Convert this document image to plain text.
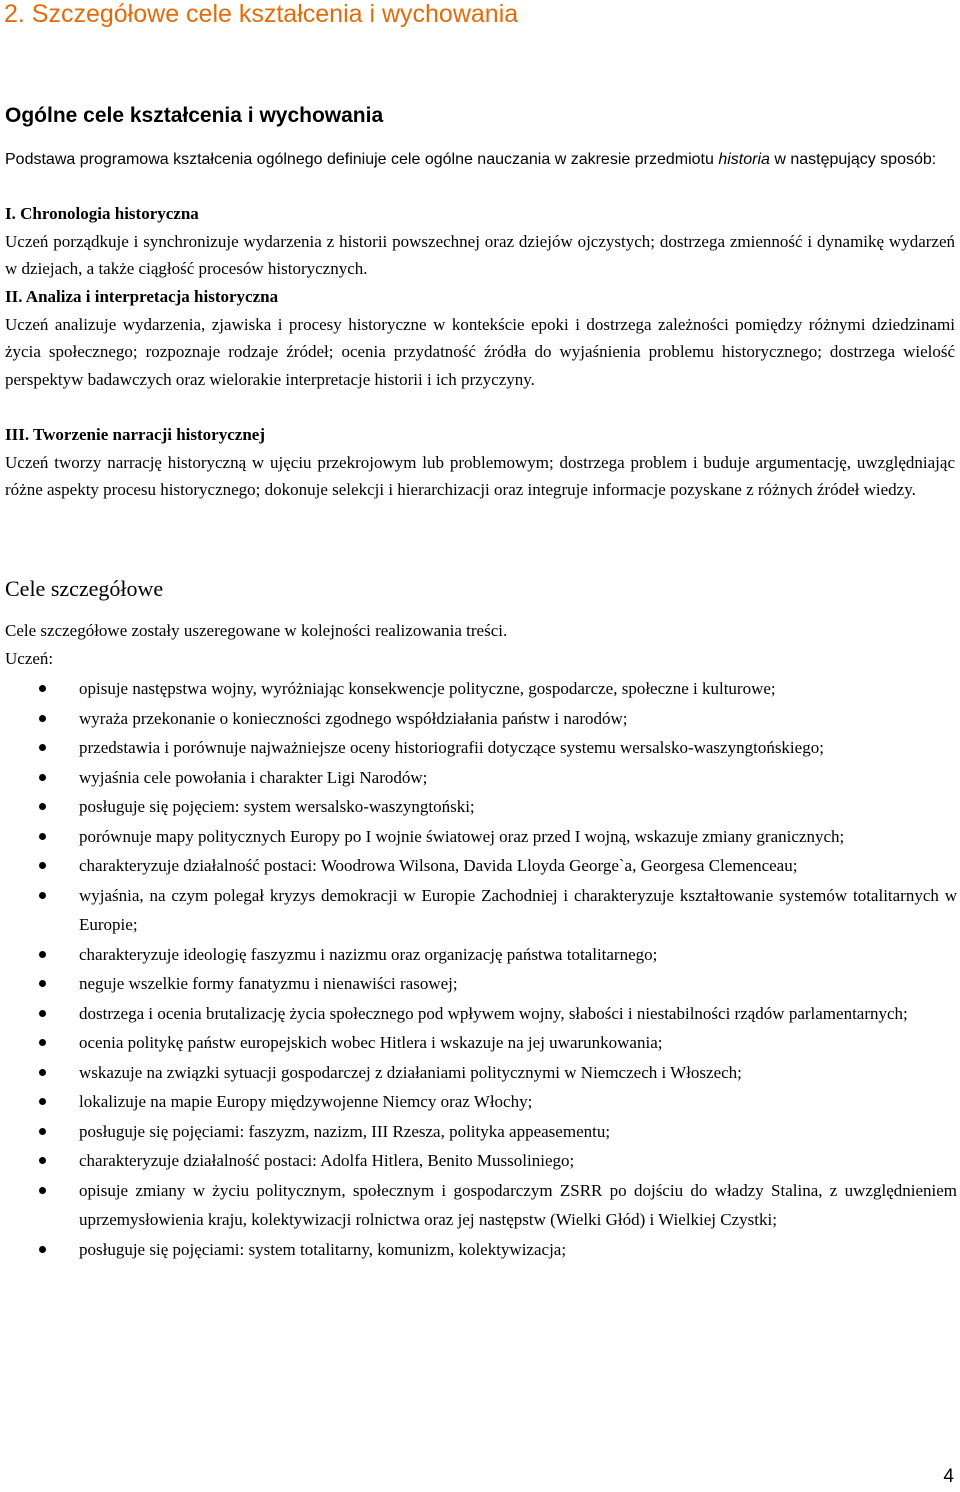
2. Szczegółowe cele kształcenia i wychowania
Ogólne cele kształcenia i wychowania
Podstawa programowa kształcenia ogólnego definiuje cele ogólne nauczania w zakresie przedmiotu historia w następujący sposób:
I. Chronologia historyczna
Uczeń porządkuje i synchronizuje wydarzenia z historii powszechnej oraz dziejów ojczystych; dostrzega zmienność i dynamikę wydarzeń w dziejach, a także ciągłość procesów historycznych.
II. Analiza i interpretacja historyczna
Uczeń analizuje wydarzenia, zjawiska i procesy historyczne w kontekście epoki i dostrzega zależności pomiędzy różnymi dziedzinami życia społecznego; rozpoznaje rodzaje źródeł; ocenia przydatność źródła do wyjaśnienia problemu historycznego; dostrzega wielość perspektyw badawczych oraz wielorakie interpretacje historii i ich przyczyny.
III. Tworzenie narracji historycznej
Uczeń tworzy narrację historyczną w ujęciu przekrojowym lub problemowym; dostrzega problem i buduje argumentację, uwzględniając różne aspekty procesu historycznego; dokonuje selekcji i hierarchizacji oraz integruje informacje pozyskane z różnych źródeł wiedzy.
Cele szczegółowe
Cele szczegółowe zostały uszeregowane w kolejności realizowania treści.
Uczeń:
opisuje następstwa wojny, wyróżniając konsekwencje polityczne, gospodarcze, społeczne i kulturowe;
wyraża przekonanie o konieczności zgodnego współdziałania państw i narodów;
przedstawia i porównuje najważniejsze oceny historiografii dotyczące systemu wersalsko-waszyngtońskiego;
wyjaśnia cele powołania i charakter Ligi Narodów;
posługuje się pojęciem: system wersalsko-waszyngtoński;
porównuje mapy politycznych Europy po I wojnie światowej oraz przed I wojną, wskazuje zmiany granicznych;
charakteryzuje działalność postaci: Woodrowa Wilsona, Davida Lloyda George`a, Georgesa Clemenceau;
wyjaśnia, na czym polegał kryzys demokracji w Europie Zachodniej i charakteryzuje kształtowanie systemów totalitarnych w Europie;
charakteryzuje ideologię faszyzmu i nazizmu oraz organizację państwa totalitarnego;
neguje wszelkie formy fanatyzmu i nienawiści rasowej;
dostrzega i ocenia brutalizację życia społecznego pod wpływem wojny, słabości i niestabilności rządów parlamentarnych;
ocenia politykę państw europejskich wobec Hitlera i wskazuje na jej uwarunkowania;
wskazuje na związki sytuacji gospodarczej z działaniami politycznymi w Niemczech i Włoszech;
lokalizuje na mapie Europy międzywojenne Niemcy oraz Włochy;
posługuje się pojęciami: faszyzm, nazizm, III Rzesza, polityka appeasementu;
charakteryzuje działalność postaci: Adolfa Hitlera, Benito Mussoliniego;
opisuje zmiany w życiu politycznym, społecznym i gospodarczym ZSRR po dojściu do władzy Stalina, z uwzględnieniem uprzemysłowienia kraju, kolektywizacji rolnictwa oraz jej następstw (Wielki Głód) i Wielkiej Czystki;
posługuje się pojęciami: system totalitarny, komunizm, kolektywizacja;
4
